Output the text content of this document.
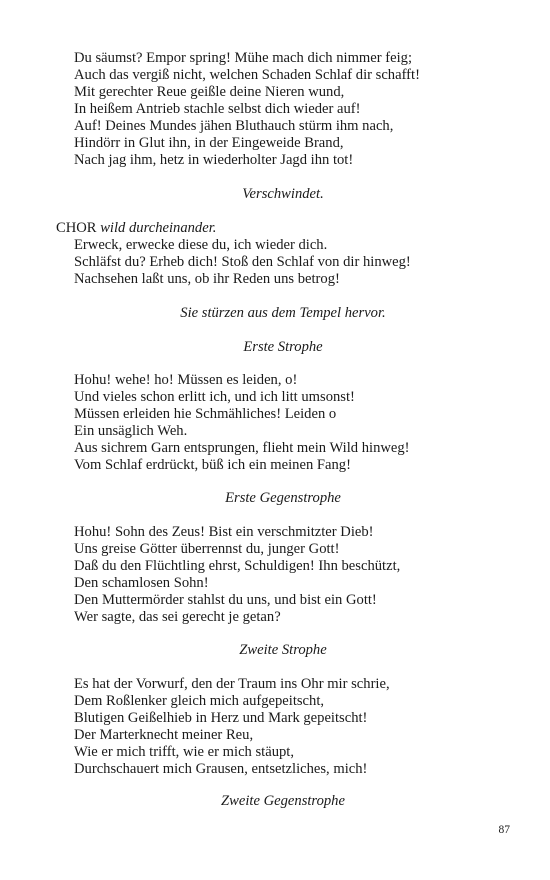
Du säumst? Empor spring! Mühe mach dich nimmer feig;
Auch das vergiß nicht, welchen Schaden Schlaf dir schafft!
Mit gerechter Reue geißle deine Nieren wund,
In heißem Antrieb stachle selbst dich wieder auf!
Auf! Deines Mundes jähen Bluthauch stürm ihm nach,
Hindörr in Glut ihn, in der Eingeweide Brand,
Nach jag ihm, hetz in wiederholter Jagd ihn tot!
Verschwindet.
CHOR wild durcheinander.
Erweck, erwecke diese du, ich wieder dich.
Schläfst du? Erheb dich! Stoß den Schlaf von dir hinweg!
Nachsehen laßt uns, ob ihr Reden uns betrog!
Sie stürzen aus dem Tempel hervor.
Erste Strophe
Hohu! wehe! ho! Müssen es leiden, o!
Und vieles schon erlitt ich, und ich litt umsonst!
Müssen erleiden hie Schmähliches! Leiden o
Ein unsäglich Weh.
Aus sichrem Garn entsprungen, flieht mein Wild hinweg!
Vom Schlaf erdrückt, büß ich ein meinen Fang!
Erste Gegenstrophe
Hohu! Sohn des Zeus! Bist ein verschmitzter Dieb!
Uns greise Götter überrennst du, junger Gott!
Daß du den Flüchtling ehrst, Schuldigen! Ihn beschützt,
Den schamlosen Sohn!
Den Muttermörder stahlst du uns, und bist ein Gott!
Wer sagte, das sei gerecht je getan?
Zweite Strophe
Es hat der Vorwurf, den der Traum ins Ohr mir schrie,
Dem Roßlenker gleich mich aufgepeitscht,
Blutigen Geißelhieb in Herz und Mark gepeitscht!
Der Marterknecht meiner Reu,
Wie er mich trifft, wie er mich stäupt,
Durchschauert mich Grausen, entsetzliches, mich!
Zweite Gegenstrophe
87
